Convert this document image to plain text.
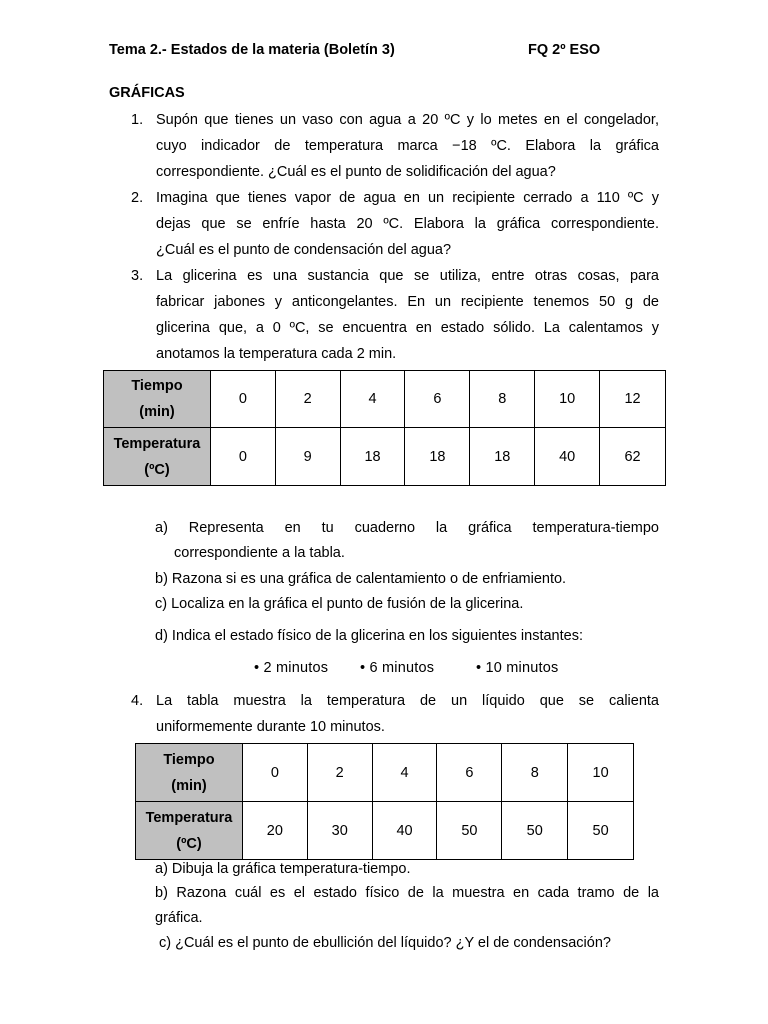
Tema 2.- Estados de la materia (Boletín 3)	FQ 2º ESO
GRÁFICAS
1. Supón que tienes un vaso con agua a 20 ºC y lo metes en el congelador,
cuyo indicador de temperatura marca −18 ºC. Elabora la gráfica
correspondiente. ¿Cuál es el punto de solidificación del agua?
2. Imagina que tienes vapor de agua en un recipiente cerrado a 110 ºC y
dejas que se enfríe hasta 20 ºC. Elabora la gráfica correspondiente.
¿Cuál es el punto de condensación del agua?
3. La glicerina es una sustancia que se utiliza, entre otras cosas, para
fabricar jabones y anticongelantes. En un recipiente tenemos 50 g de
glicerina que, a 0 ºC, se encuentra en estado sólido. La calentamos y
anotamos la temperatura cada 2 min.
Tiempo
(min)	0	2	4	6	8	10	12

Temperatura
(ºC)	0	9	18	18	18	40	62
a) Representa en tu cuaderno la gráfica temperatura-tiempo
correspondiente a la tabla.
b) Razona si es una gráfica de calentamiento o de enfriamiento.
c) Localiza en la gráfica el punto de fusión de la glicerina.
d) Indica el estado físico de la glicerina en los siguientes instantes:
• 2 minutos • 6 minutos	• 10 minutos
4. La tabla muestra la temperatura de un líquido que se calienta
uniformemente durante 10 minutos.
Tiempo
(min)	0	2	4	6	8	10

Temperatura
(ºC)	20	30	40	50	50	50
a) Dibuja la gráfica temperatura-tiempo.
b) Razona cuál es el estado físico de la muestra en cada tramo de la
gráfica.
c) ¿Cuál es el punto de ebullición del líquido? ¿Y el de condensación?
